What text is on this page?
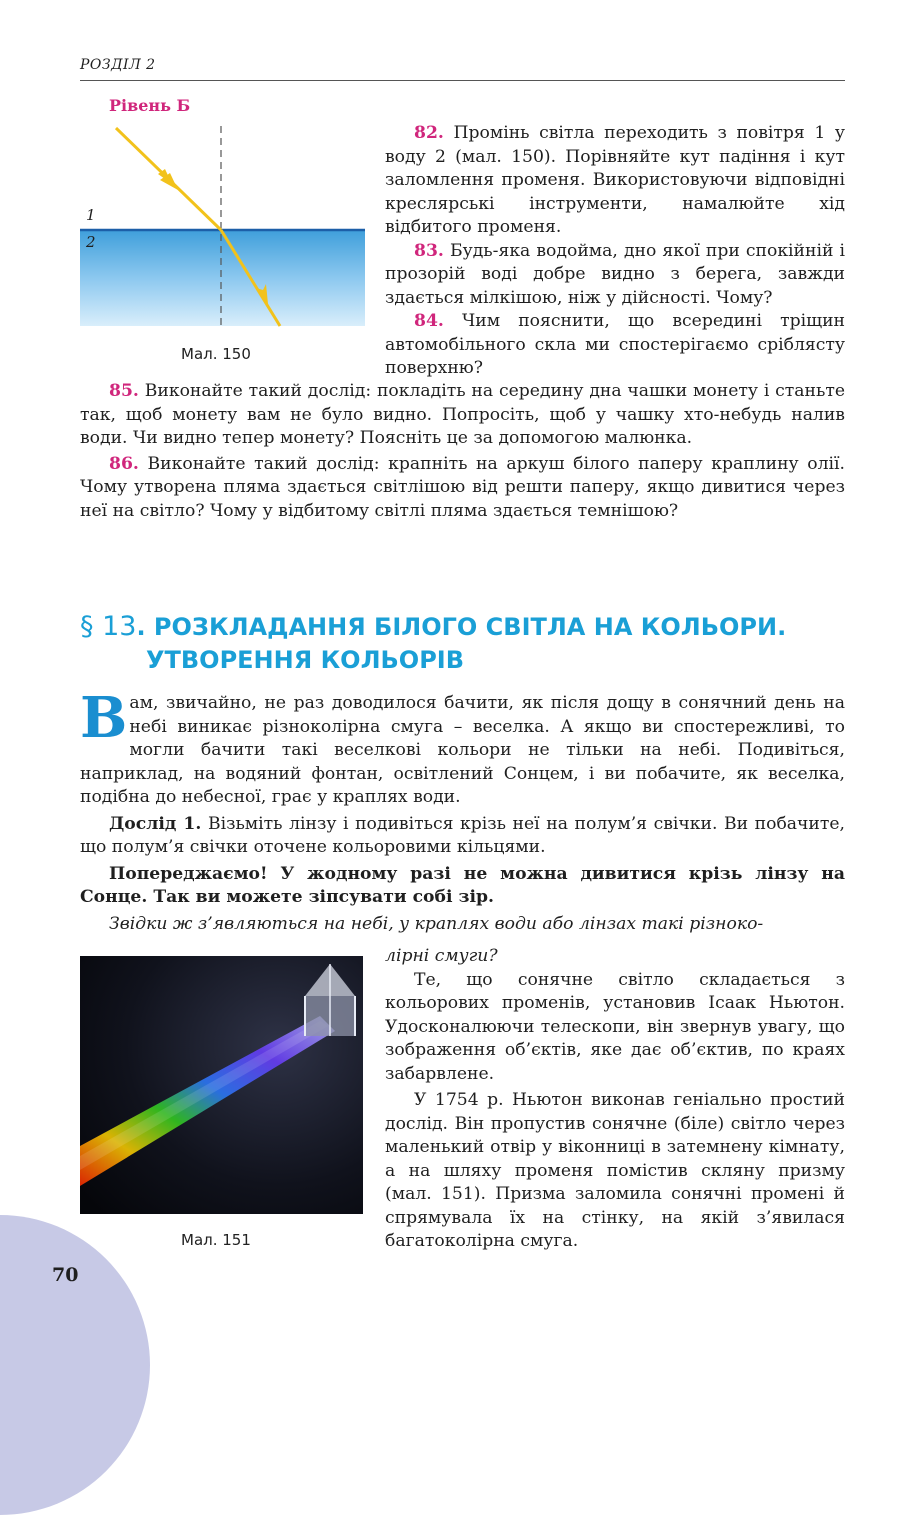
РОЗДІЛ 2
Рівень Б
1
2
Мал. 150

82. Промінь світла переходить з повітря 1 у воду 2 (мал. 150). Порівняйте кут падіння і кут заломлення променя. Використовуючи відповідні креслярські інструменти, намалюйте хід відбитого променя.

83. Будь-яка водойма, дно якої при спокійній і прозорій воді добре видно з берега, завжди здається мілкішою, ніж у дійсності. Чому?

84. Чим пояснити, що всередині тріщин автомобільного скла ми спостерігаємо сріблясту поверхню?

85. Виконайте такий дослід: покладіть на середину дна чашки монету і станьте так, щоб монету вам не було видно. Попросіть, щоб у чашку хто-небудь налив води. Чи видно тепер монету? Поясніть це за допомогою малюнка.

86. Виконайте такий дослід: крапніть на аркуш білого паперу краплину олії. Чому утворена пляма здається світлішою від решти паперу, якщо дивитися через неї на світло? Чому у відбитому світлі пляма здається темнішою?

§ 13. РОЗКЛАДАННЯ БІЛОГО СВІТЛА НА КОЛЬОРИ.
УТВОРЕННЯ КОЛЬОРІВ

Вам, звичайно, не раз доводилося бачити, як після дощу в сонячний день на небі виникає різноколірна смуга – веселка. А якщо ви спостережливі, то могли бачити такі веселкові кольори не тільки на небі. Подивіться, наприклад, на водяний фонтан, освітлений Сонцем, і ви побачите, як веселка, подібна до небесної, грає у краплях води.

Дослід 1. Візьміть лінзу і подивіться крізь неї на полум’я свічки. Ви побачите, що полум’я свічки оточене кольоровими кільцями.

Попереджаємо! У жодному разі не можна дивитися крізь лінзу на Сонце. Так ви можете зіпсувати собі зір.

Звідки ж з’являються на небі, у краплях води або лінзах такі різноко-

Мал. 151

лірні смуги?

Те, що сонячне світло складається з кольорових променів, установив Ісаак Ньютон. Удосконалюючи телескопи, він звернув увагу, що зображення об’єктів, яке дає об’єктив, по краях забарвлене.

У 1754 р. Ньютон виконав геніально простий дослід. Він пропустив сонячне (біле) світло через маленький отвір у віконниці в затемнену кімнату, а на шляху променя помістив скляну призму (мал. 151). Призма заломила сонячні промені й спрямувала їх на стінку, на якій з’явилася багатоколірна смуга.

70
